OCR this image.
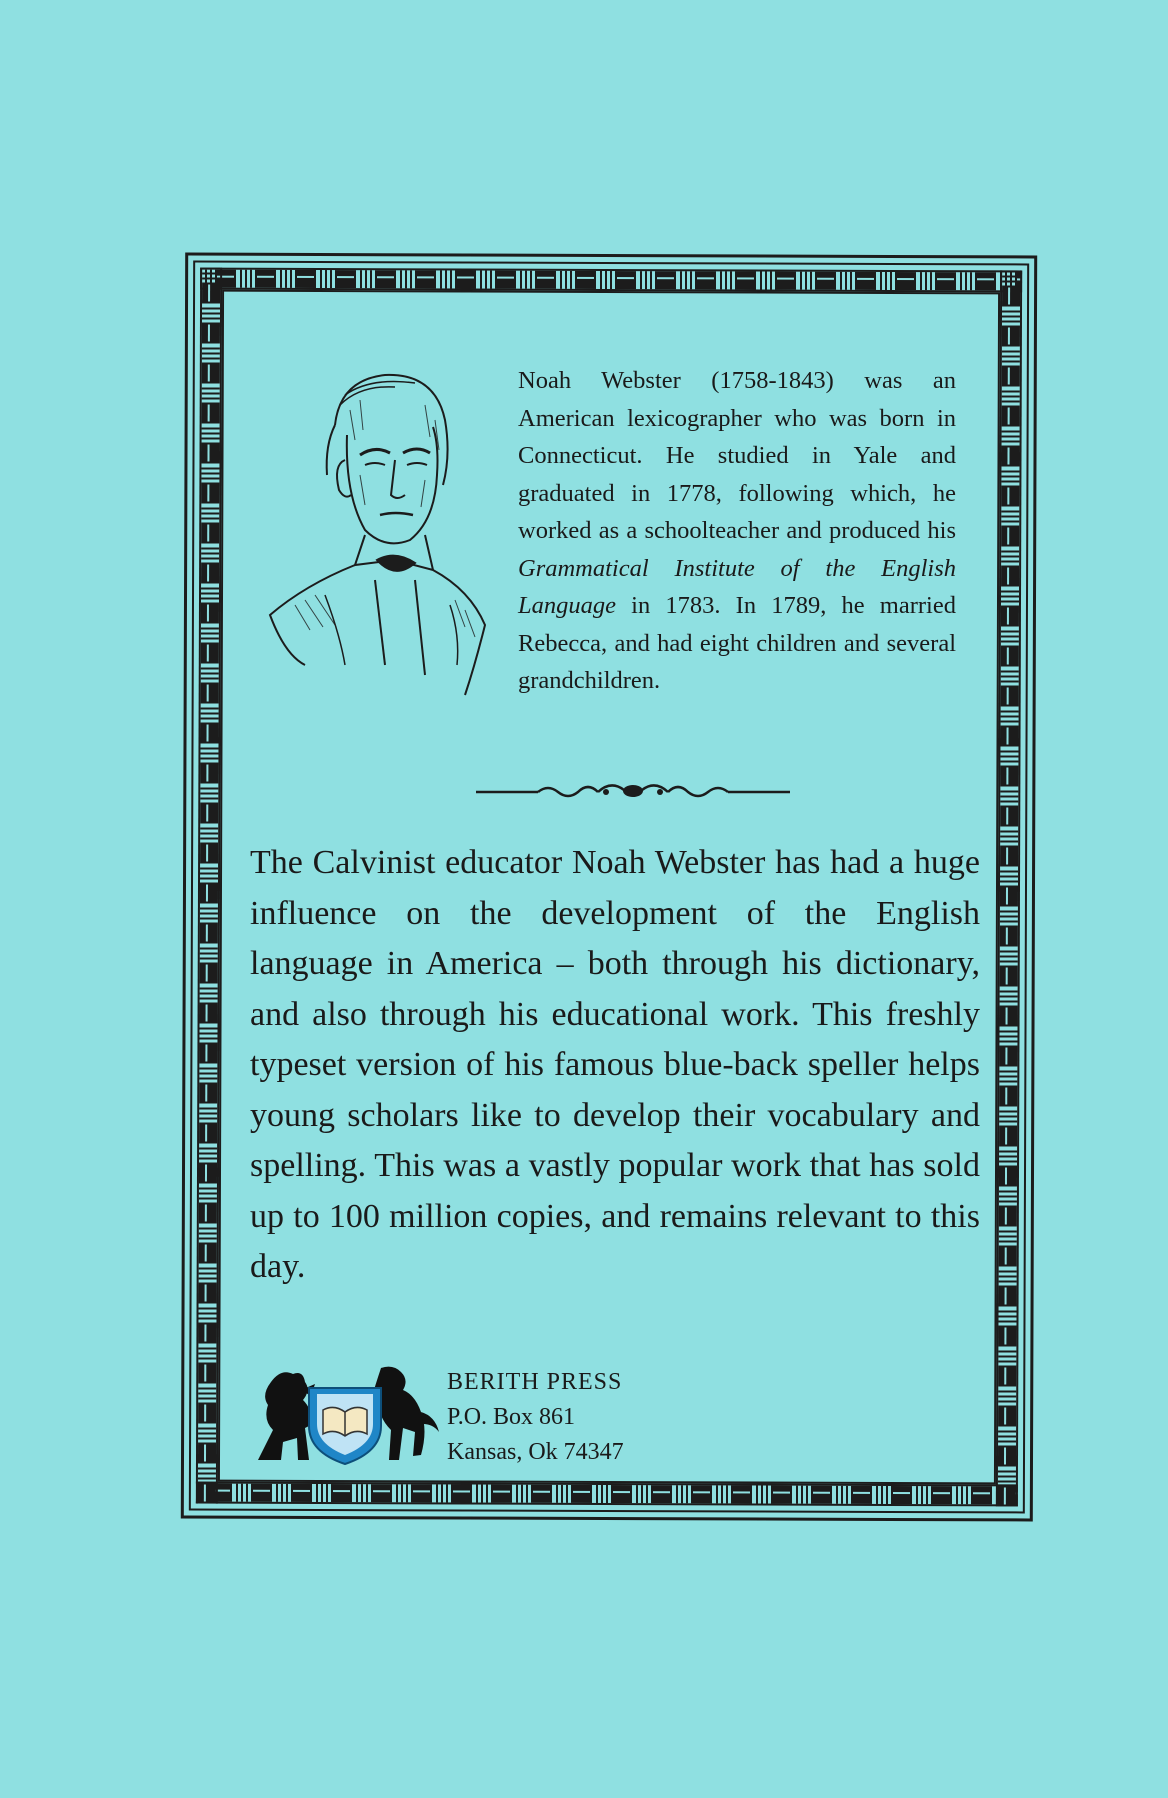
Noah Webster (1758-1843) was an American lexicographer who was born in Connecticut. He studied in Yale and graduated in 1778, following which, he worked as a schoolteacher and produced his Grammatical Institute of the English Language in 1783. In 1789, he married Rebecca, and had eight children and several grandchildren.

The Calvinist educator Noah Webster has had a huge influence on the development of the English language in America – both through his dictionary, and also through his educational work. This freshly typeset version of his famous blue-back speller helps young scholars like to develop their vocabulary and spelling. This was a vastly popular work that has sold up to 100 million copies, and remains relevant to this day.

BERITH PRESS
P.O. Box 861
Kansas, Ok 74347
